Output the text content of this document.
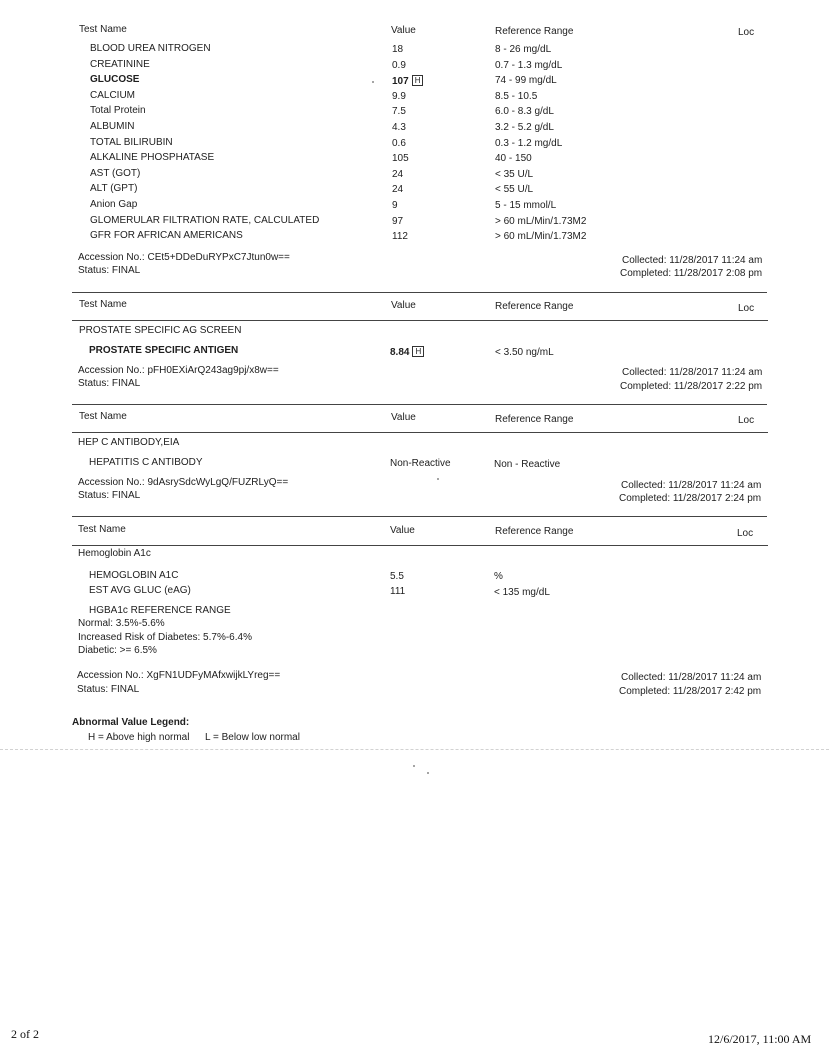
Test Name	Value	Reference Range	Loc
BLOOD UREA NITROGEN	18	8 - 26 mg/dL
CREATININE	0.9	0.7 - 1.3 mg/dL
GLUCOSE	107 H	74 - 99 mg/dL
CALCIUM	9.9	8.5 - 10.5
Total Protein	7.5	6.0 - 8.3 g/dL
ALBUMIN	4.3	3.2 - 5.2 g/dL
TOTAL BILIRUBIN	0.6	0.3 - 1.2 mg/dL
ALKALINE PHOSPHATASE	105	40 - 150
AST (GOT)	24	< 35 U/L
ALT (GPT)	24	< 55 U/L
Anion Gap	9	5 - 15 mmol/L
GLOMERULAR FILTRATION RATE, CALCULATED	97	> 60 mL/Min/1.73M2
GFR FOR AFRICAN AMERICANS	112	> 60 mL/Min/1.73M2
Accession No.: CEt5+DDeDuRYPxC7Jtun0w==
Status: FINAL
Collected: 11/28/2017 11:24 am
Completed: 11/28/2017 2:08 pm
Test Name	Value	Reference Range	Loc
PROSTATE SPECIFIC AG SCREEN
PROSTATE SPECIFIC ANTIGEN	8.84 H	< 3.50 ng/mL
Accession No.: pFH0EXiArQ243ag9pj/x8w==
Status: FINAL
Collected: 11/28/2017 11:24 am
Completed: 11/28/2017 2:22 pm
Test Name	Value	Reference Range	Loc
HEP C ANTIBODY,EIA
HEPATITIS C ANTIBODY	Non-Reactive	Non - Reactive
Accession No.: 9dAsrySdcWyLgQ/FUZRLyQ==
Status: FINAL
Collected: 11/28/2017 11:24 am
Completed: 11/28/2017 2:24 pm
Test Name	Value	Reference Range	Loc
Hemoglobin A1c
HEMOGLOBIN A1C	5.5	%
EST AVG GLUC (eAG)	111	< 135 mg/dL
HGBA1c REFERENCE RANGE
Normal: 3.5%-5.6%
Increased Risk of Diabetes: 5.7%-6.4%
Diabetic: >= 6.5%
Accession No.: XgFN1UDFyMAfxwijkLYreg==
Status: FINAL
Collected: 11/28/2017 11:24 am
Completed: 11/28/2017 2:42 pm
Abnormal Value Legend:
H = Above high normal L = Below low normal
2 of 2	12/6/2017, 11:00 AM
